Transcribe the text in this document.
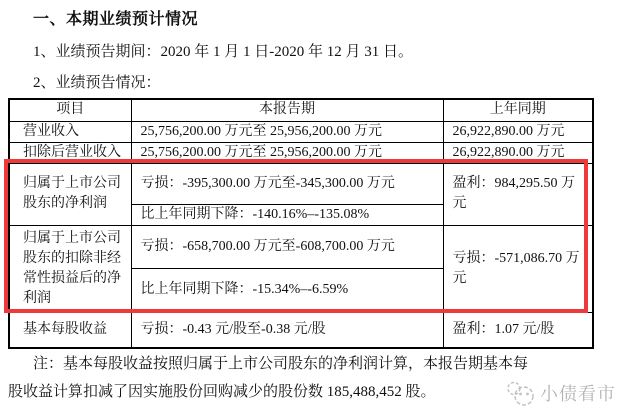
一、本期业绩预计情况

1、业绩预告期间：2020 年 1 月 1 日-2020 年 12 月 31 日。

2、业绩预告情况：

项目	本报告期	上年同期
营业收入	25,756,200.00 万元至 25,956,200.00 万元	26,922,890.00 万元
扣除后营业收入	25,756,200.00 万元至 25,956,200.00 万元	26,922,890.00 万元
归属于上市公司股东的净利润	亏损：-395,300.00 万元至-345,300.00 万元	盈利：984,295.50 万元
	比上年同期下降：-140.16%–-135.08%	
归属于上市公司股东的扣除非经常性损益后的净利润	亏损：-658,700.00 万元至-608,700.00 万元	亏损：-571,086.70 万元
	比上年同期下降：-15.34%–-6.59%	
基本每股收益	亏损：-0.43 元/股至-0.38 元/股	盈利：1.07 元/股
注：基本每股收益按照归属于上市公司股东的净利润计算，本报告期基本每
股收益计算扣减了因实施股份回购减少的股份数 185,488,452 股。	小债看市
